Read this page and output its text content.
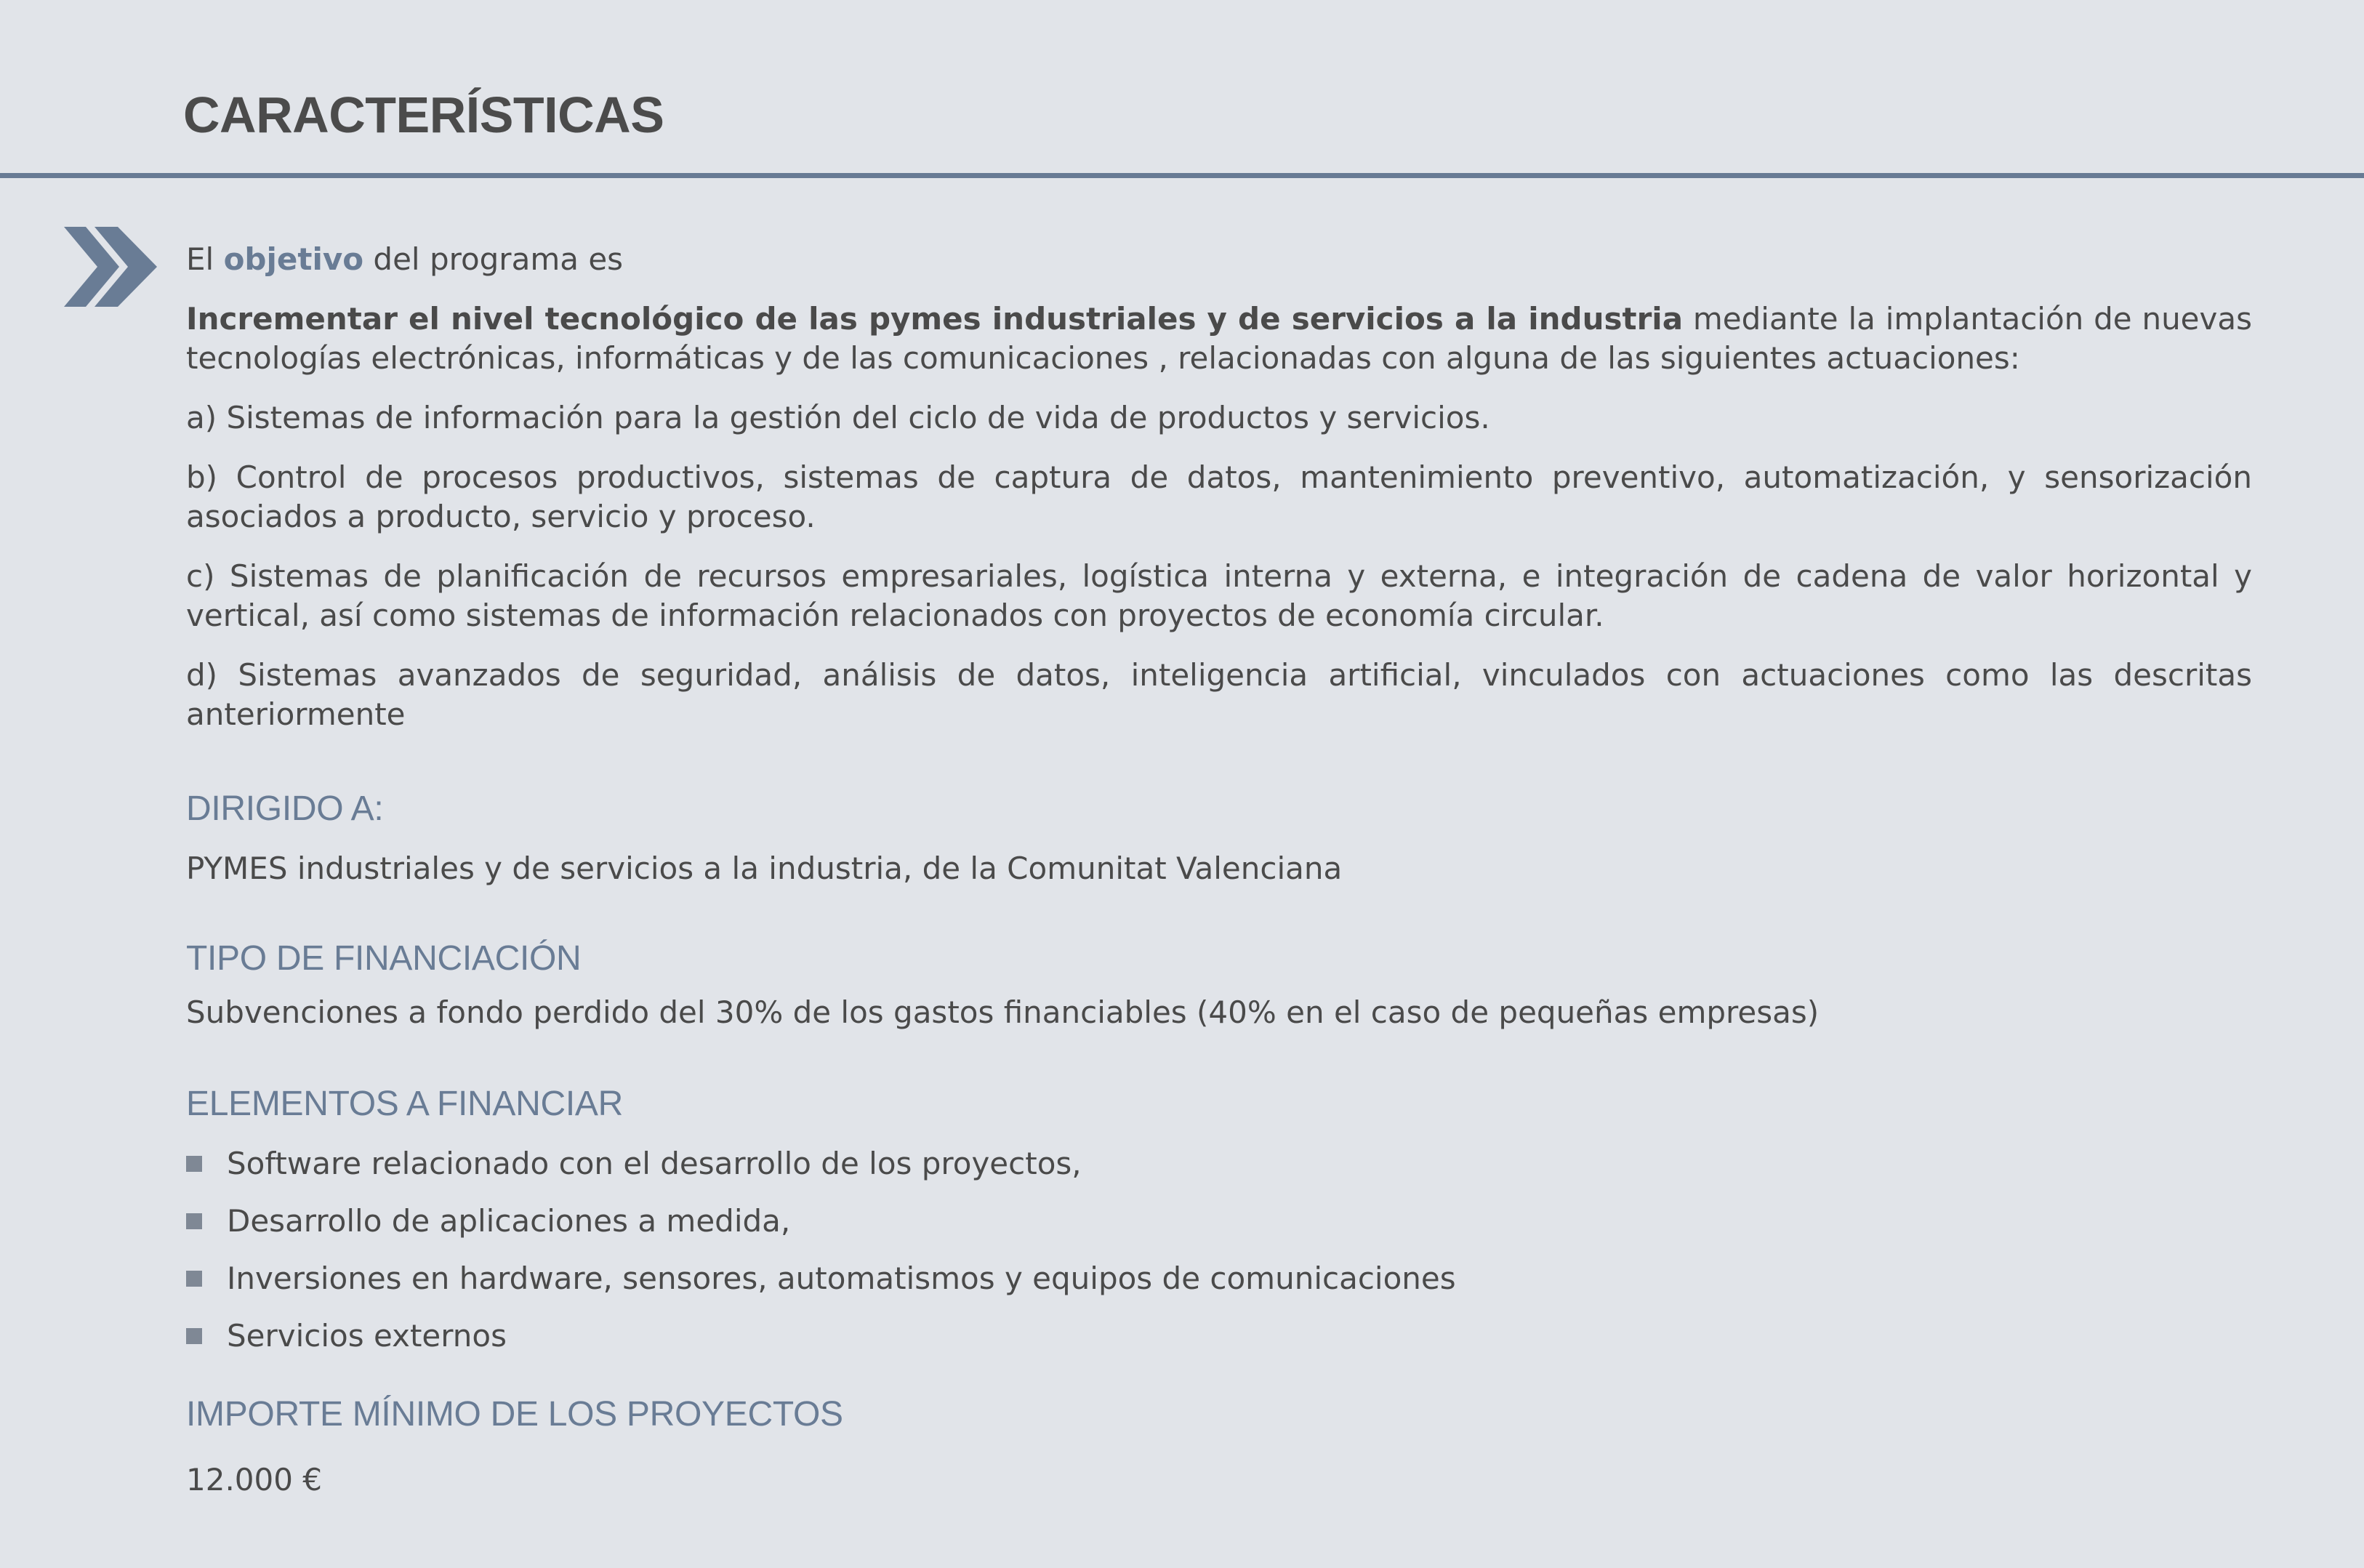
CARACTERÍSTICAS

El objetivo del programa es

Incrementar el nivel tecnológico de las pymes industriales y de servicios a la industria mediante la implantación de nuevas tecnologías electrónicas, informáticas y de las comunicaciones , relacionadas con alguna de las siguientes actuaciones:

a) Sistemas de información para la gestión del ciclo de vida de productos y servicios.

b) Control de procesos productivos, sistemas de captura de datos, mantenimiento preventivo, automatización, y sensorización asociados a producto, servicio y proceso.

c) Sistemas de planificación de recursos empresariales, logística interna y externa, e integración de cadena de valor horizontal y vertical, así como sistemas de información relacionados con proyectos de economía circular.

d) Sistemas avanzados de seguridad, análisis de datos, inteligencia artificial, vinculados con actuaciones como las descritas anteriormente

DIRIGIDO A:

PYMES industriales y de servicios a la industria, de la Comunitat Valenciana

TIPO DE FINANCIACIÓN

Subvenciones a fondo perdido del 30% de los gastos financiables (40% en el caso de pequeñas empresas)

ELEMENTOS A FINANCIAR
Software relacionado con el desarrollo de los proyectos,
Desarrollo de aplicaciones a medida,
Inversiones en hardware, sensores, automatismos y equipos de comunicaciones
Servicios externos
IMPORTE MÍNIMO DE LOS PROYECTOS

12.000 €
